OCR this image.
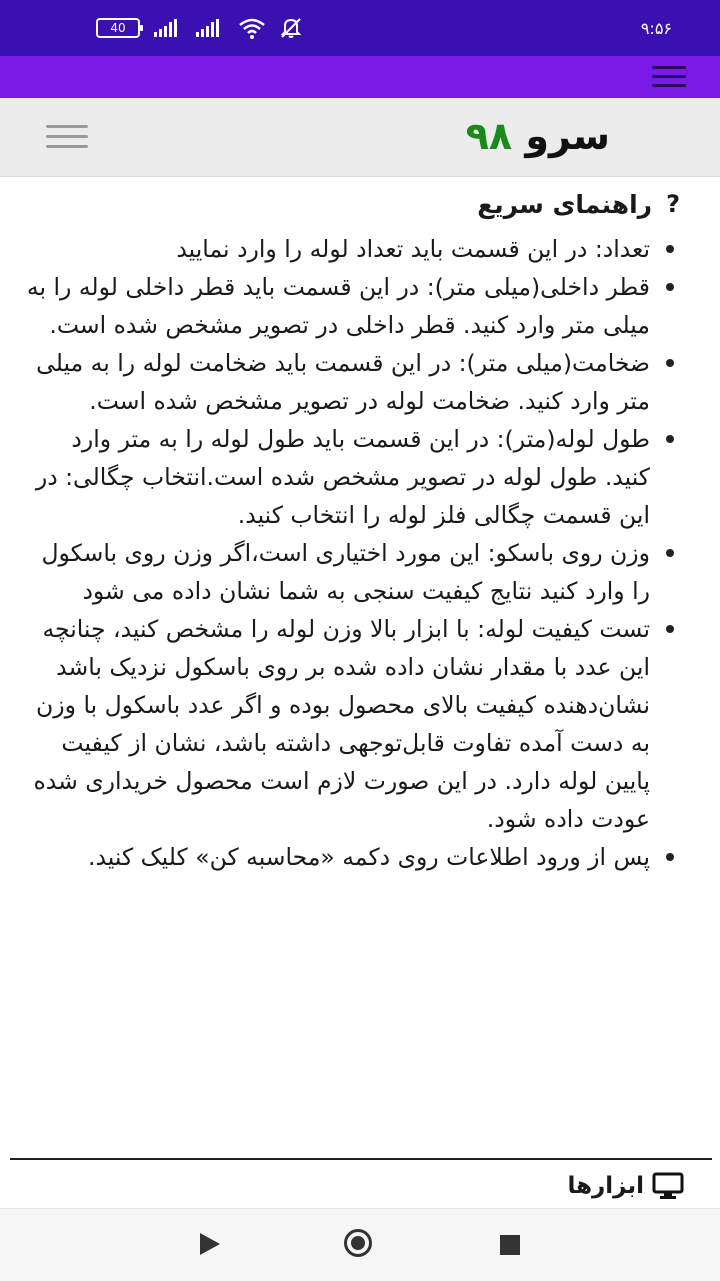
40	۹:۵۶
سرو ۹۸
?
راهنمای سریع
تعداد: در این قسمت باید تعداد لوله را وارد نمایید
قطر داخلی(میلی متر): در این قسمت باید قطر داخلی لوله را به میلی متر وارد کنید. قطر داخلی در تصویر مشخص شده است.
ضخامت(میلی متر): در این قسمت باید ضخامت لوله را به میلی متر وارد کنید. ضخامت لوله در تصویر مشخص شده است.
طول لوله(متر): در این قسمت باید طول لوله را به متر وارد کنید. طول لوله در تصویر مشخص شده است.انتخاب چگالی: در این قسمت چگالی فلز لوله را انتخاب کنید.
وزن روی باسکو: این مورد اختیاری است،اگر وزن روی باسکول را وارد کنید نتایج کیفیت سنجی به شما نشان داده می شود
تست کیفیت لوله: با ابزار بالا وزن لوله را مشخص کنید، چنانچه این عدد با مقدار نشان داده شده بر روی باسکول نزدیک باشد نشان‌دهنده کیفیت بالای محصول بوده و اگر عدد باسکول با وزن به دست آمده تفاوت قابل‌توجهی داشته باشد، نشان از کیفیت پایین لوله دارد. در این صورت لازم است محصول خریداری شده عودت داده شود.
پس از ورود اطلاعات روی دکمه «محاسبه کن» کلیک کنید.
ابزارها
